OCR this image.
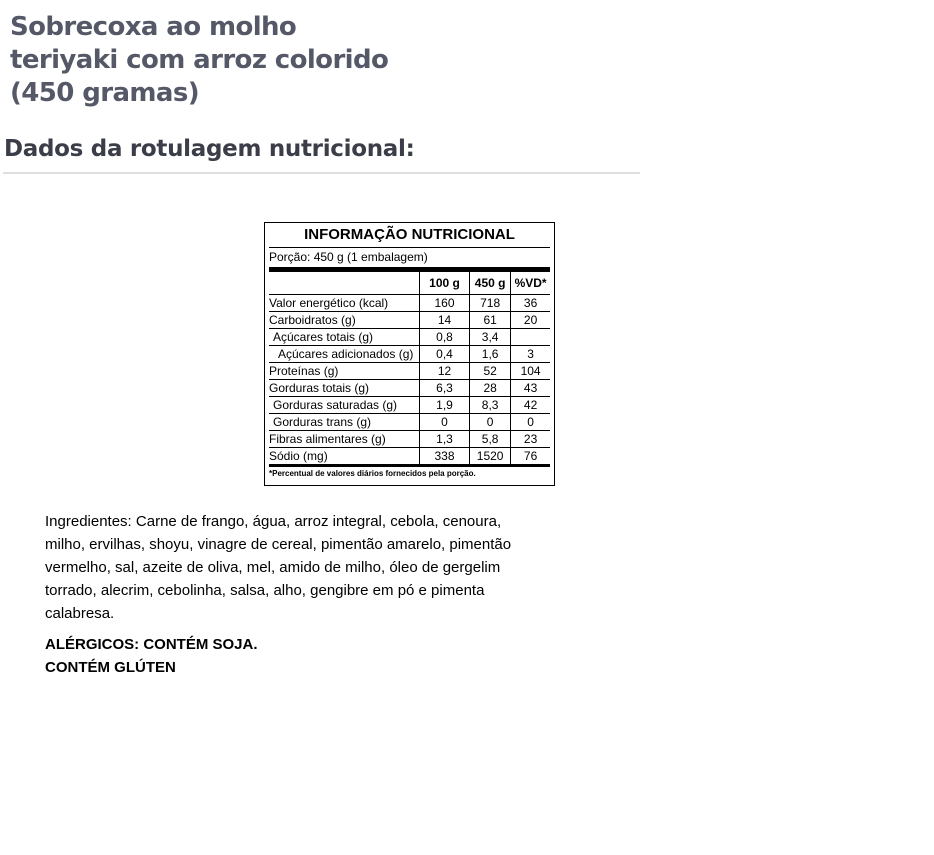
Sobrecoxa ao molho
teriyaki com arroz colorido
(450 gramas)
Dados da rotulagem nutricional:
INFORMAÇÃO NUTRICIONAL
Porção: 450 g (1 embalagem)
	100 g	450 g	%VD*
Valor energético (kcal)	160	718	36
Carboidratos (g)	14	61	20
Açúcares totais (g)	0,8	3,4	
Açúcares adicionados (g)	0,4	1,6	3
Proteínas (g)	12	52	104
Gorduras totais (g)	6,3	28	43
Gorduras saturadas (g)	1,9	8,3	42
Gorduras trans (g)	0	0	0
Fibras alimentares (g)	1,3	5,8	23
Sódio (mg)	338	1520	76
*Percentual de valores diários fornecidos pela porção.

Ingredientes: Carne de frango, água, arroz integral, cebola, cenoura, milho, ervilhas, shoyu, vinagre de cereal, pimentão amarelo, pimentão vermelho, sal, azeite de oliva, mel, amido de milho, óleo de gergelim torrado, alecrim, cebolinha, salsa, alho, gengibre em pó e pimenta calabresa.

ALÉRGICOS: CONTÉM SOJA.
CONTÉM GLÚTEN
